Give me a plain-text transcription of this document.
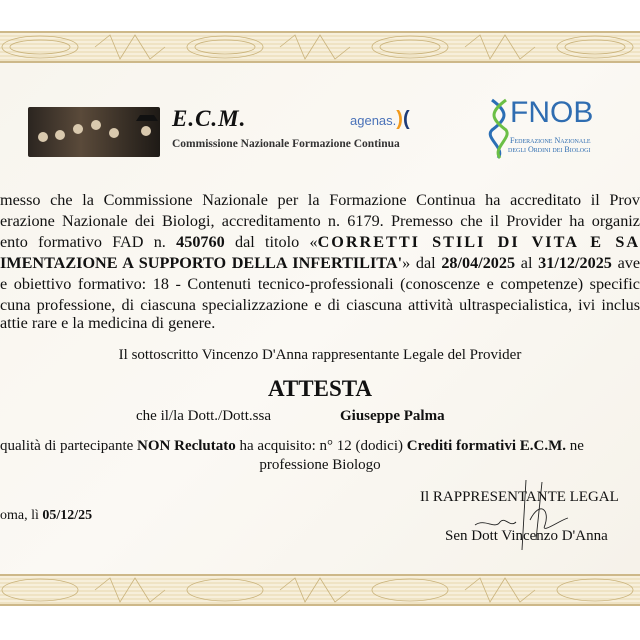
E.C.M.
Commissione Nazionale Formazione Continua
agenas.)(	FNOB
Federazione Nazionale
degli Ordini dei Biologi
messo che la Commissione Nazionale per la Formazione Continua ha accreditato il Prov
erazione Nazionale dei Biologi, accreditamento n. 6179. Premesso che il Provider ha organiz
ento formativo FAD n. 450760 dal titolo «CORRETTI STILI DI VITA E SA
IMENTAZIONE A SUPPORTO DELLA INFERTILITA'» dal 28/04/2025 al 31/12/2025 ave
e obiettivo formativo: 18 - Contenuti tecnico-professionali (conoscenze e competenze) specific
cuna professione, di ciascuna specializzazione e di ciascuna attività ultraspecialistica, ivi inclus
attie rare e la medicina di genere.
Il sottoscritto Vincenzo D'Anna rappresentante Legale del Provider
ATTESTA
che il/la Dott./Dott.ssa	Giuseppe Palma
qualità di partecipante NON Reclutato ha acquisito: n° 12 (dodici) Crediti formativi E.C.M. ne
professione Biologo
oma, lì 05/12/25
Il RAPPRESENTANTE LEGAL
Sen Dott Vincenzo D'Anna
